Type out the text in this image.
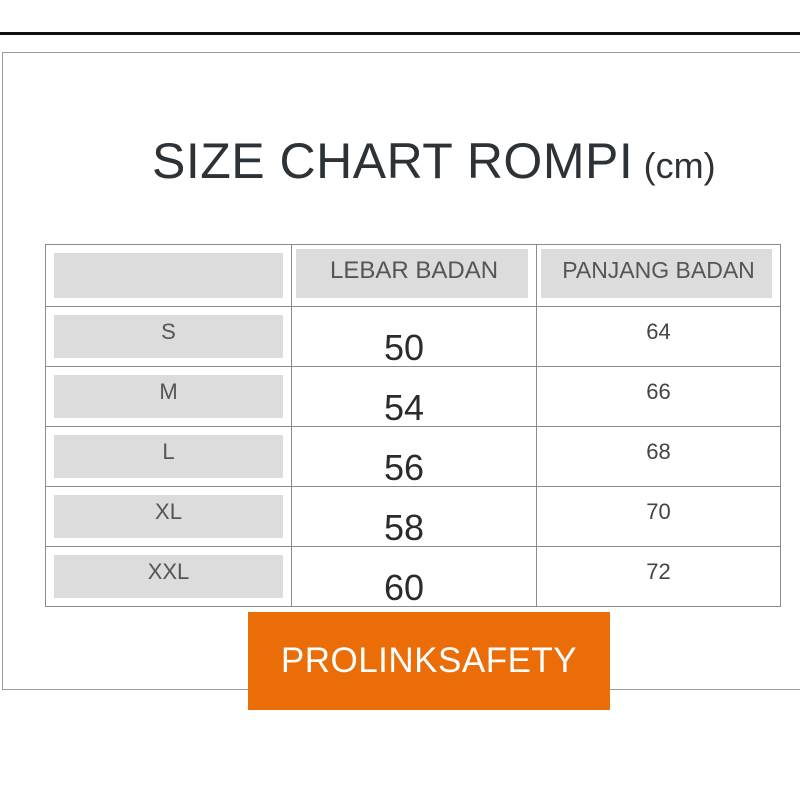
SIZE CHART ROMPI (cm)

	LEBAR BADAN	PANJANG BADAN

S	50	64

M	54	66

L	56	68

XL	58	70

XXL	60	72
PROLINKSAFETY
